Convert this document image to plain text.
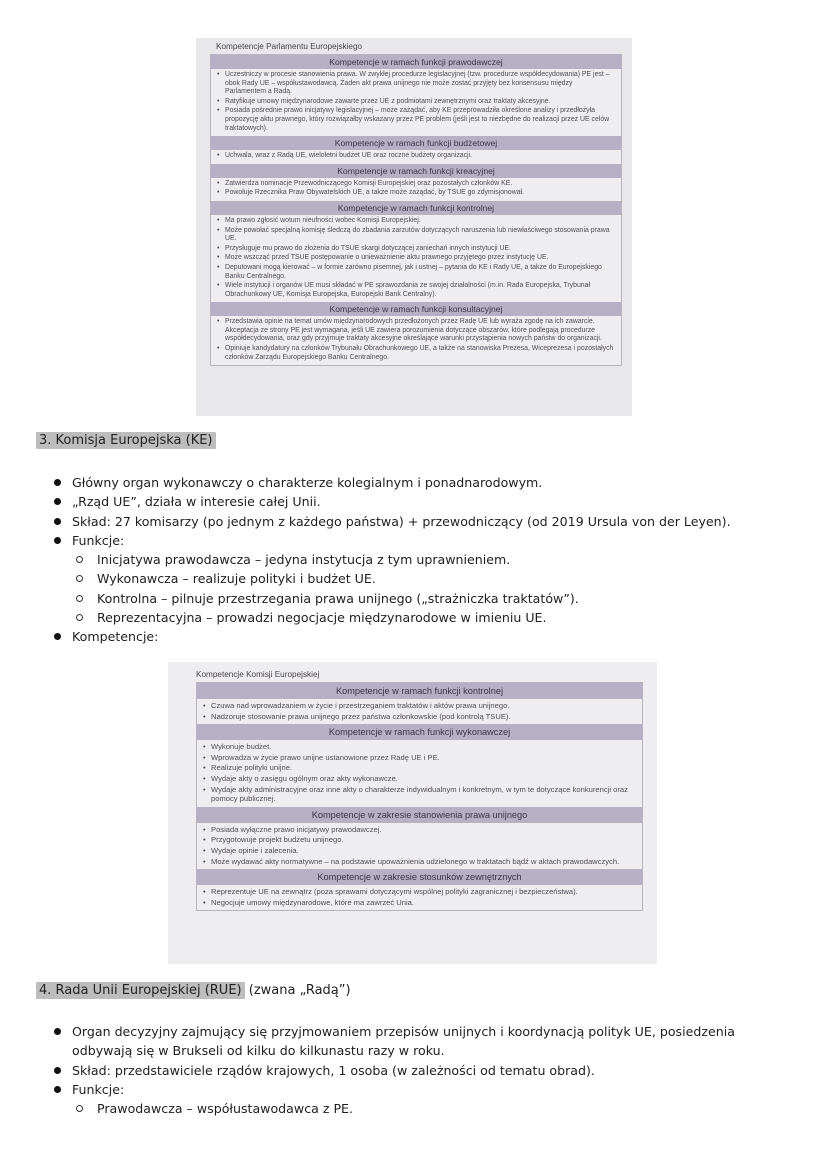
Kompetencje Parlamentu Europejskiego
Kompetencje w ramach funkcji prawodawczej
• Uczestniczy w procesie stanowienia prawa. W zwykłej procedurze legislacyjnej (tzw. procedurze współdecydowania) PE jest – obok Rady UE – współustawodawcą. Żaden akt prawa unijnego nie może zostać przyjęty bez konsensusu między Parlamentem a Radą.
• Ratyfikuje umowy międzynarodowe zawarte przez UE z podmiotami zewnętrznymi oraz traktaty akcesyjne.
• Posiada pośrednie prawo inicjatywy legislacyjnej – może zażądać, aby KE przeprowadziła określone analizy i przedłożyła propozycję aktu prawnego, który rozwiązałby wskazany przez PE problem (jeśli jest to niezbędne do realizacji przez UE celów traktatowych).
Kompetencje w ramach funkcji budżetowej
• Uchwala, wraz z Radą UE, wieloletni budżet UE oraz roczne budżety organizacji.
Kompetencje w ramach funkcji kreacyjnej
• Zatwierdza nominacje Przewodniczącego Komisji Europejskiej oraz pozostałych członków KE.
• Powołuje Rzecznika Praw Obywatelskich UE, a także może zażądać, by TSUE go zdymisjonował.
Kompetencje w ramach funkcji kontrolnej
• Ma prawo zgłosić wotum nieufności wobec Komisji Europejskiej.
• Może powołać specjalną komisję śledczą do zbadania zarzutów dotyczących naruszenia lub niewłaściwego stosowania prawa UE.
• Przysługuje mu prawo do złożenia do TSUE skargi dotyczącej zaniechań innych instytucji UE.
• Może wszcząć przed TSUE postępowanie o unieważnienie aktu prawnego przyjętego przez instytucję UE.
• Deputowani mogą kierować – w formie zarówno pisemnej, jak i ustnej – pytania do KE i Rady UE, a także do Europejskiego Banku Centralnego.
• Wiele instytucji i organów UE musi składać w PE sprawozdania ze swojej działalności (m.in. Rada Europejska, Trybunał Obrachunkowy UE, Komisja Europejska, Europejski Bank Centralny).
Kompetencje w ramach funkcji konsultacyjnej
• Przedstawia opinie na temat umów międzynarodowych przedłożonych przez Radę UE lub wyraża zgodę na ich zawarcie. Akceptacja ze strony PE jest wymagana, jeśli UE zawiera porozumienia dotyczące obszarów, które podlegają procedurze współdecydowania, oraz gdy przyjmuje traktaty akcesyjne określające warunki przystąpienia nowych państw do organizacji.
• Opiniuje kandydatury na członków Trybunału Obrachunkowego UE, a także na stanowiska Prezesa, Wiceprezesa i pozostałych członków Zarządu Europejskiego Banku Centralnego.
3. Komisja Europejska (KE)
Główny organ wykonawczy o charakterze kolegialnym i ponadnarodowym.
„Rząd UE”, działa w interesie całej Unii.
Skład: 27 komisarzy (po jednym z każdego państwa) + przewodniczący (od 2019 Ursula von der Leyen).
Funkcje:
Inicjatywa prawodawcza – jedyna instytucja z tym uprawnieniem.
Wykonawcza – realizuje polityki i budżet UE.
Kontrolna – pilnuje przestrzegania prawa unijnego („strażniczka traktatów”).
Reprezentacyjna – prowadzi negocjacje międzynarodowe w imieniu UE.
Kompetencje:
Kompetencje Komisji Europejskiej
Kompetencje w ramach funkcji kontrolnej
• Czuwa nad wprowadzaniem w życie i przestrzeganiem traktatów i aktów prawa unijnego.
• Nadzoruje stosowanie prawa unijnego przez państwa członkowskie (pod kontrolą TSUE).
Kompetencje w ramach funkcji wykonawczej
• Wykonuje budżet.
• Wprowadza w życie prawo unijne ustanowione przez Radę UE i PE.
• Realizuje polityki unijne.
• Wydaje akty o zasięgu ogólnym oraz akty wykonawcze.
• Wydaje akty administracyjne oraz inne akty o charakterze indywidualnym i konkretnym, w tym te dotyczące konkurencji oraz pomocy publicznej.
Kompetencje w zakresie stanowienia prawa unijnego
• Posiada wyłączne prawo inicjatywy prawodawczej.
• Przygotowuje projekt budżetu unijnego.
• Wydaje opinie i zalecenia.
• Może wydawać akty normatywne – na podstawie upoważnienia udzielonego w traktatach bądź w aktach prawodawczych.
Kompetencje w zakresie stosunków zewnętrznych
• Reprezentuje UE na zewnątrz (poza sprawami dotyczącymi wspólnej polityki zagranicznej i bezpieczeństwa).
• Negocjuje umowy międzynarodowe, które ma zawrzeć Unia.
4. Rada Unii Europejskiej (RUE) (zwana „Radą”)
Organ decyzyjny zajmujący się przyjmowaniem przepisów unijnych i koordynacją polityk UE, posiedzenia odbywają się w Brukseli od kilku do kilkunastu razy w roku.
Skład: przedstawiciele rządów krajowych, 1 osoba (w zależności od tematu obrad).
Funkcje:
Prawodawcza – współustawodawca z PE.
